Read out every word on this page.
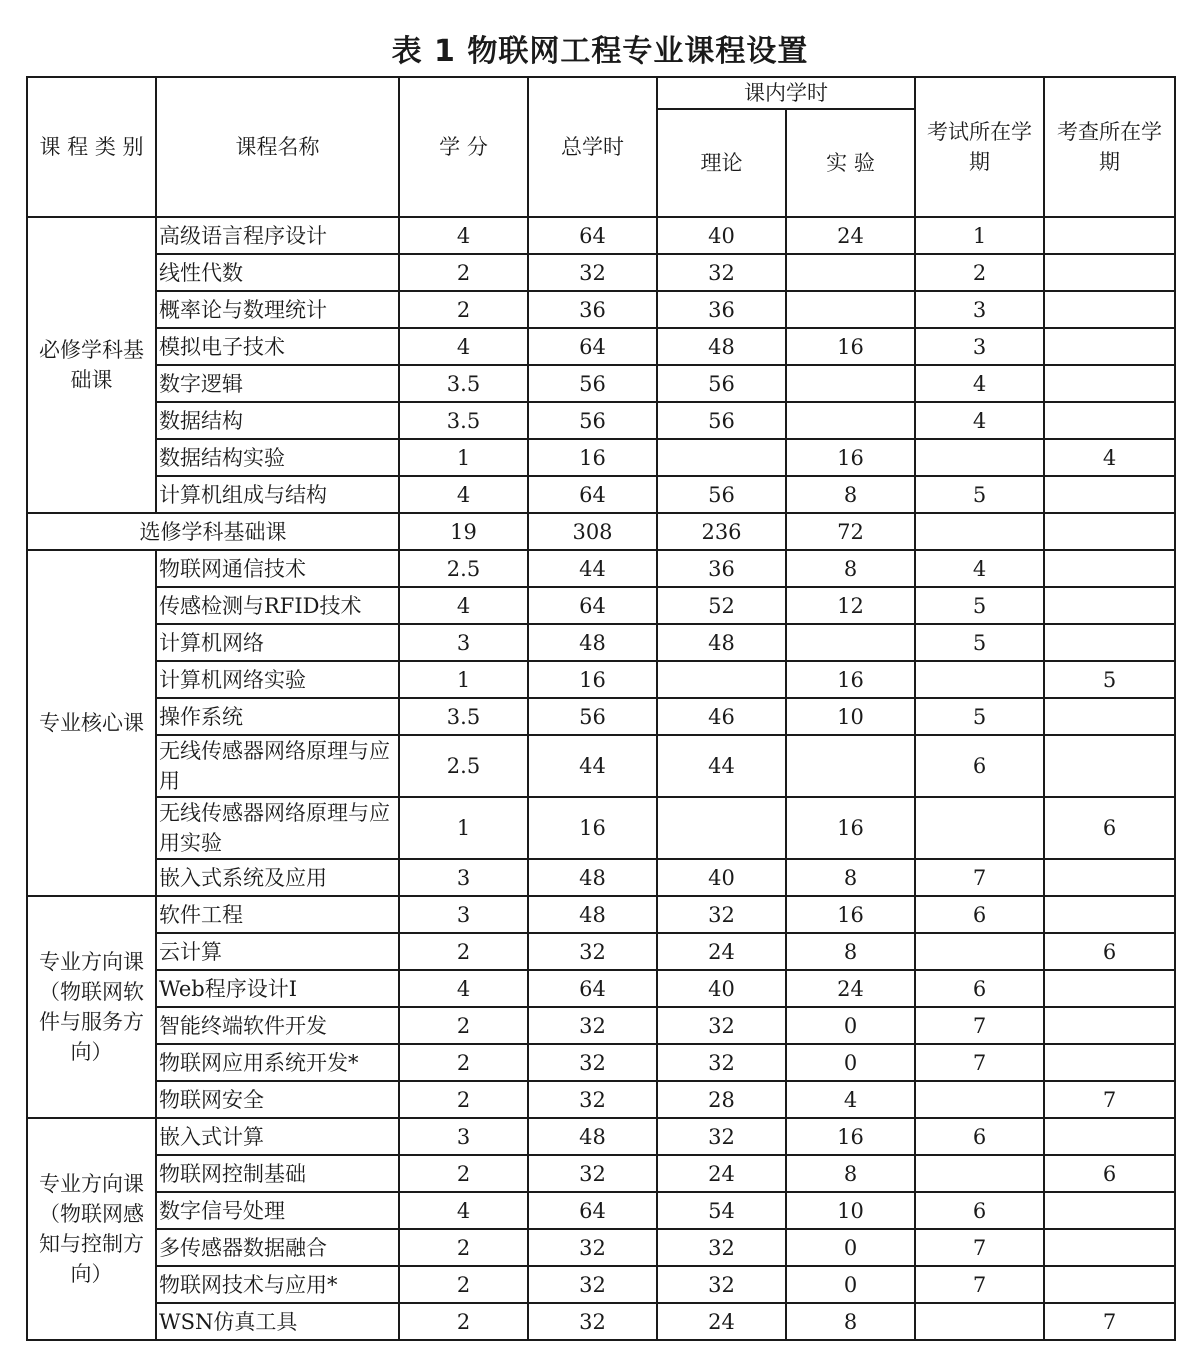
表 1 物联网工程专业课程设置
课 程 类 别	课程名称	学 分	总学时	课内学时		考试所在学期	考查所在学期
				理论	实 验		
必修学科基础课	高级语言程序设计	4	64	40	24	1	
	线性代数	2	32	32		2	
	概率论与数理统计	2	36	36		3	
	模拟电子技术	4	64	48	16	3	
	数字逻辑	3.5	56	56		4	
	数据结构	3.5	56	56		4	
	数据结构实验	1	16		16		4
	计算机组成与结构	4	64	56	8	5	
选修学科基础课		19	308	236	72		
专业核心课	物联网通信技术	2.5	44	36	8	4	
	传感检测与RFID技术	4	64	52	12	5	
	计算机网络	3	48	48		5	
	计算机网络实验	1	16		16		5
	操作系统	3.5	56	46	10	5	
	无线传感器网络原理与应用	2.5	44	44		6	
	无线传感器网络原理与应用实验	1	16		16		6
	嵌入式系统及应用	3	48	40	8	7	
专业方向课（物联网软件与服务方向）	软件工程	3	48	32	16	6	
	云计算	2	32	24	8		6
	Web程序设计I	4	64	40	24	6	
	智能终端软件开发	2	32	32	0	7	
	物联网应用系统开发*	2	32	32	0	7	
	物联网安全	2	32	28	4		7
专业方向课（物联网感知与控制方向）	嵌入式计算	3	48	32	16	6	
	物联网控制基础	2	32	24	8		6
	数字信号处理	4	64	54	10	6	
	多传感器数据融合	2	32	32	0	7	
	物联网技术与应用*	2	32	32	0	7	
	WSN仿真工具	2	32	24	8		7
